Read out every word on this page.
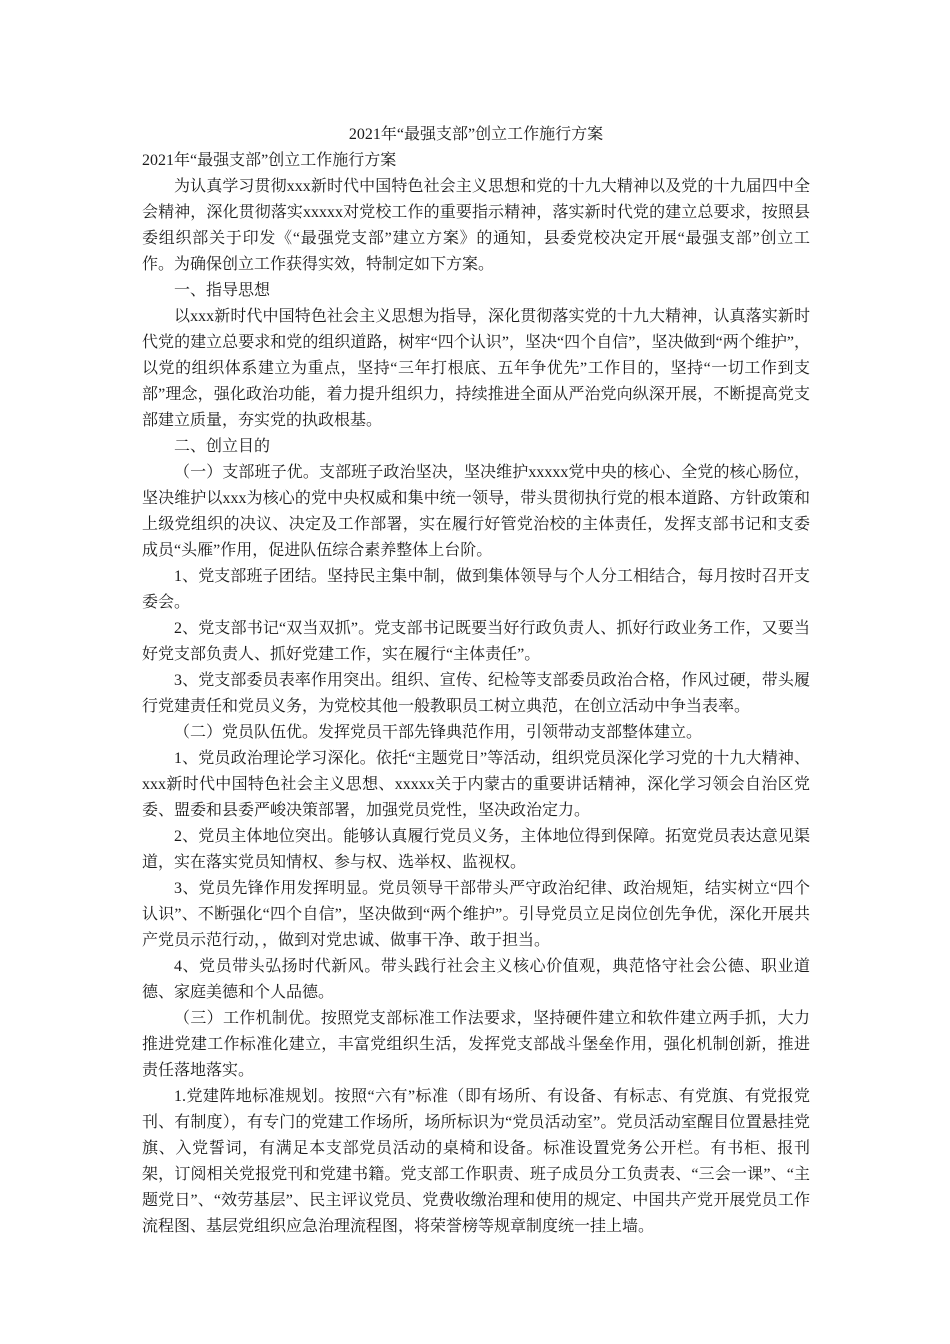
2021年“最强支部”创立工作施行方案

2021年“最强支部”创立工作施行方案

为认真学习贯彻xxx新时代中国特色社会主义思想和党的十九大精神以及党的十九届四中全会精神，深化贯彻落实xxxxx对党校工作的重要指示精神，落实新时代党的建立总要求，按照县委组织部关于印发《“最强党支部”建立方案》的通知，县委党校决定开展“最强支部”创立工作。为确保创立工作获得实效，特制定如下方案。

一、指导思想

以xxx新时代中国特色社会主义思想为指导，深化贯彻落实党的十九大精神，认真落实新时代党的建立总要求和党的组织道路，树牢“四个认识”，坚决“四个自信”，坚决做到“两个维护”，以党的组织体系建立为重点，坚持“三年打根底、五年争优先”工作目的，坚持“一切工作到支部”理念，强化政治功能，着力提升组织力，持续推进全面从严治党向纵深开展，不断提高党支部建立质量，夯实党的执政根基。

二、创立目的

（一）支部班子优。支部班子政治坚决，坚决维护xxxxx党中央的核心、全党的核心肠位，坚决维护以xxx为核心的党中央权威和集中统一领导，带头贯彻执行党的根本道路、方针政策和上级党组织的决议、决定及工作部署，实在履行好管党治校的主体责任，发挥支部书记和支委成员“头雁”作用，促进队伍综合素养整体上台阶。

1、党支部班子团结。坚持民主集中制，做到集体领导与个人分工相结合，每月按时召开支委会。

2、党支部书记“双当双抓”。党支部书记既要当好行政负责人、抓好行政业务工作，又要当好党支部负责人、抓好党建工作，实在履行“主体责任”。

3、党支部委员表率作用突出。组织、宣传、纪检等支部委员政治合格，作风过硬，带头履行党建责任和党员义务，为党校其他一般教职员工树立典范，在创立活动中争当表率。

（二）党员队伍优。发挥党员干部先锋典范作用，引领带动支部整体建立。

1、党员政治理论学习深化。依托“主题党日”等活动，组织党员深化学习党的十九大精神、xxx新时代中国特色社会主义思想、xxxxx关于内蒙古的重要讲话精神，深化学习领会自治区党委、盟委和县委严峻决策部署，加强党员党性，坚决政治定力。

2、党员主体地位突出。能够认真履行党员义务，主体地位得到保障。拓宽党员表达意见渠道，实在落实党员知情权、参与权、选举权、监视权。

3、党员先锋作用发挥明显。党员领导干部带头严守政治纪律、政治规矩，结实树立“四个认识”、不断强化“四个自信”，坚决做到“两个维护”。引导党员立足岗位创先争优，深化开展共产党员示范行动，，做到对党忠诚、做事干净、敢于担当。

4、党员带头弘扬时代新风。带头践行社会主义核心价值观，典范恪守社会公德、职业道德、家庭美德和个人品德。

（三）工作机制优。按照党支部标准工作法要求，坚持硬件建立和软件建立两手抓，大力推进党建工作标准化建立，丰富党组织生活，发挥党支部战斗堡垒作用，强化机制创新，推进责任落地落实。

1.党建阵地标准规划。按照“六有”标准（即有场所、有设备、有标志、有党旗、有党报党刊、有制度），有专门的党建工作场所，场所标识为“党员活动室”。党员活动室醒目位置悬挂党旗、入党誓词，有满足本支部党员活动的桌椅和设备。标准设置党务公开栏。有书柜、报刊架，订阅相关党报党刊和党建书籍。党支部工作职责、班子成员分工负责表、“三会一课”、“主题党日”、“效劳基层”、民主评议党员、党费收缴治理和使用的规定、中国共产党开展党员工作流程图、基层党组织应急治理流程图，将荣誉榜等规章制度统一挂上墙。
